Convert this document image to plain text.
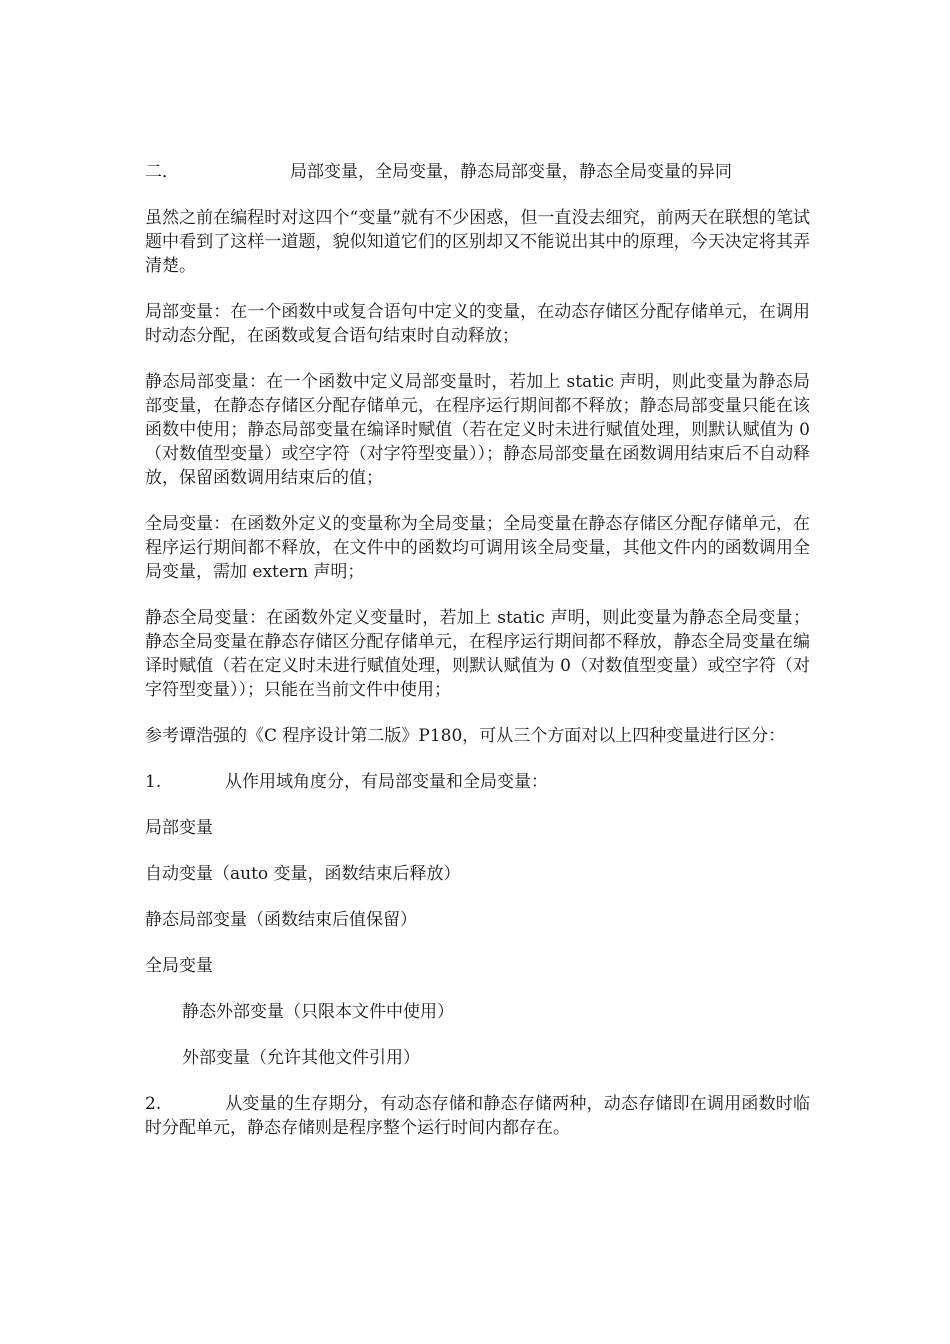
二．	局部变量，全局变量，静态局部变量，静态全局变量的异同

虽然之前在编程时对这四个“变量”就有不少困惑，但一直没去细究，前两天在联想的笔试题中看到了这样一道题，貌似知道它们的区别却又不能说出其中的原理，今天决定将其弄清楚。

局部变量：在一个函数中或复合语句中定义的变量，在动态存储区分配存储单元，在调用时动态分配，在函数或复合语句结束时自动释放；

静态局部变量：在一个函数中定义局部变量时，若加上 static 声明，则此变量为静态局部变量，在静态存储区分配存储单元，在程序运行期间都不释放；静态局部变量只能在该函数中使用；静态局部变量在编译时赋值（若在定义时未进行赋值处理，则默认赋值为 0（对数值型变量）或空字符（对字符型变量））；静态局部变量在函数调用结束后不自动释放，保留函数调用结束后的值；

全局变量：在函数外定义的变量称为全局变量；全局变量在静态存储区分配存储单元，在程序运行期间都不释放，在文件中的函数均可调用该全局变量，其他文件内的函数调用全局变量，需加 extern 声明；

静态全局变量：在函数外定义变量时，若加上 static 声明，则此变量为静态全局变量；静态全局变量在静态存储区分配存储单元，在程序运行期间都不释放，静态全局变量在编译时赋值（若在定义时未进行赋值处理，则默认赋值为 0（对数值型变量）或空字符（对字符型变量））；只能在当前文件中使用；

参考谭浩强的《C 程序设计第二版》P180，可从三个方面对以上四种变量进行区分：

1.	从作用域角度分，有局部变量和全局变量：

局部变量

自动变量（auto 变量，函数结束后释放）

静态局部变量（函数结束后值保留）

全局变量

静态外部变量（只限本文件中使用）

外部变量（允许其他文件引用）

2.	从变量的生存期分，有动态存储和静态存储两种，动态存储即在调用函数时临时分配单元，静态存储则是程序整个运行时间内都存在。
